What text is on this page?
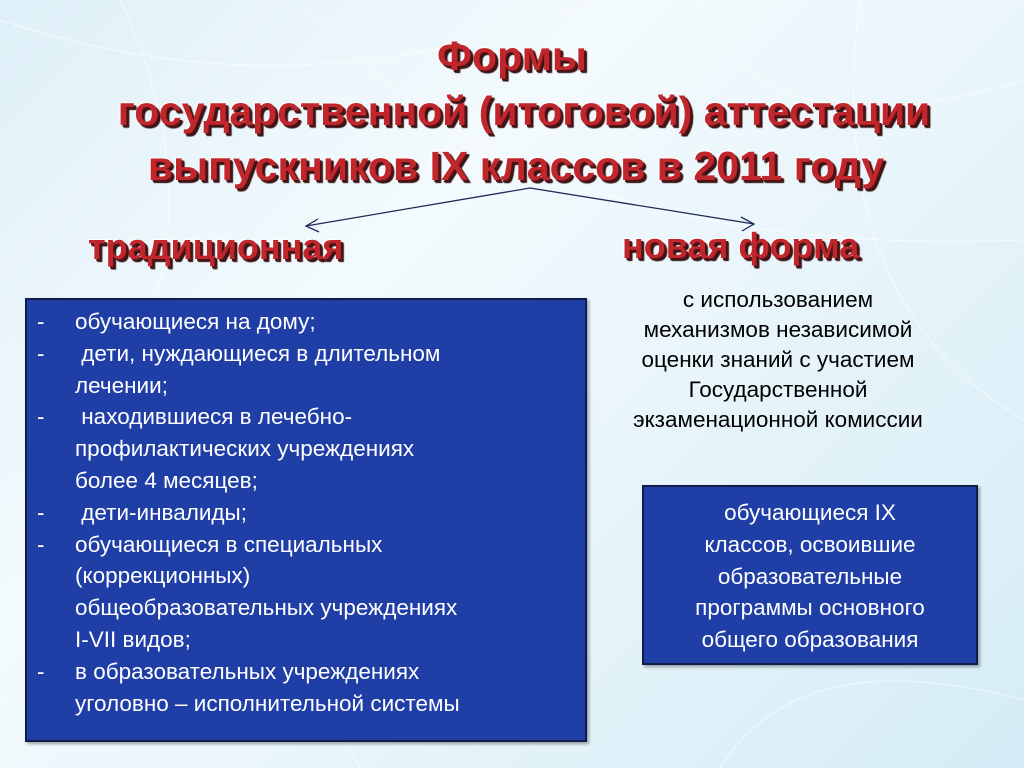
Формы
государственной (итоговой) аттестации
выпускников IX классов в 2011 году
традиционная	новая форма
с использованием
механизмов независимой
оценки знаний с участием
Государственной
экзаменационной комиссии
- обучающиеся на дому;
- дети, нуждающиеся в длительном
лечении;
- находившиеся в лечебно-
профилактических учреждениях
более 4 месяцев;
- дети-инвалиды;
- обучающиеся в специальных
(коррекционных)
общеобразовательных учреждениях
I-VII видов;
- в образовательных учреждениях
уголовно – исполнительной системы
обучающиеся IX
классов, освоившие
образовательные
программы основного
общего образования
